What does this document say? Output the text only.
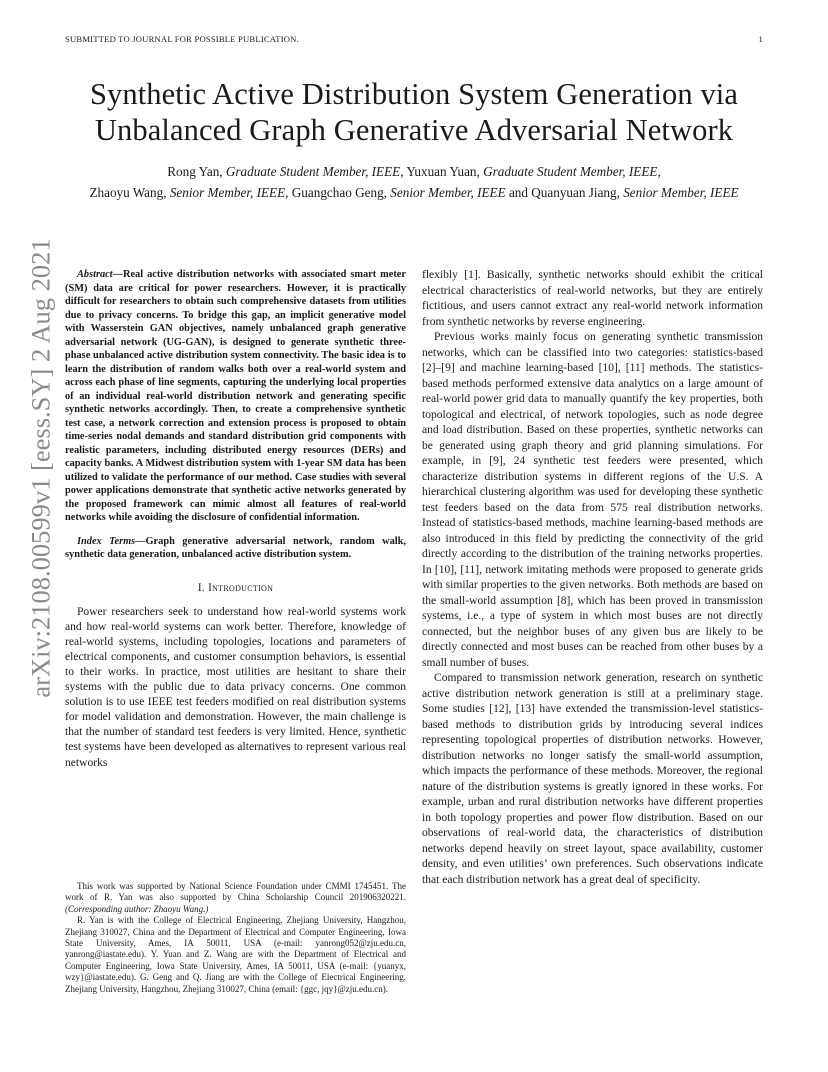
SUBMITTED TO JOURNAL FOR POSSIBLE PUBLICATION.	1
Synthetic Active Distribution System Generation via
Unbalanced Graph Generative Adversarial Network
Rong Yan, Graduate Student Member, IEEE, Yuxuan Yuan, Graduate Student Member, IEEE,
Zhaoyu Wang, Senior Member, IEEE, Guangchao Geng, Senior Member, IEEE and Quanyuan Jiang, Senior Member, IEEE
arXiv:2108.00599v1 [eess.SY] 2 Aug 2021	Abstract—Real active distribution networks with associated smart meter (SM) data are critical for power researchers. However, it is practically difficult for researchers to obtain such comprehensive datasets from utilities due to privacy concerns. To bridge this gap, an implicit generative model with Wasserstein GAN objectives, namely unbalanced graph generative adversarial network (UG-GAN), is designed to generate synthetic three-phase unbalanced active distribution system connectivity. The basic idea is to learn the distribution of random walks both over a real-world system and across each phase of line segments, capturing the underlying local properties of an individual real-world distribution network and generating specific synthetic networks accordingly. Then, to create a comprehensive synthetic test case, a network correction and extension process is proposed to obtain time-series nodal demands and standard distribution grid components with realistic parameters, including distributed energy resources (DERs) and capacity banks. A Midwest distribution system with 1-year SM data has been utilized to validate the performance of our method. Case studies with several power applications demonstrate that synthetic active networks generated by the proposed framework can mimic almost all features of real-world networks while avoiding the disclosure of confidential information.

Index Terms—Graph generative adversarial network, random walk, synthetic data generation, unbalanced active distribution system.

I. Introduction

Power researchers seek to understand how real-world systems work and how real-world systems can work better. Therefore, knowledge of real-world systems, including topologies, locations and parameters of electrical components, and customer consumption behaviors, is essential to their works. In practice, most utilities are hesitant to share their systems with the public due to data privacy concerns. One common solution is to use IEEE test feeders modified on real distribution systems for model validation and demonstration. However, the main challenge is that the number of standard test feeders is very limited. Hence, synthetic test systems have been developed as alternatives to represent various real networks

flexibly [1]. Basically, synthetic networks should exhibit the critical electrical characteristics of real-world networks, but they are entirely fictitious, and users cannot extract any real-world network information from synthetic networks by reverse engineering.

Previous works mainly focus on generating synthetic transmission networks, which can be classified into two categories: statistics-based [2]–[9] and machine learning-based [10], [11] methods. The statistics-based methods performed extensive data analytics on a large amount of real-world power grid data to manually quantify the key properties, both topological and electrical, of network topologies, such as node degree and load distribution. Based on these properties, synthetic networks can be generated using graph theory and grid planning simulations. For example, in [9], 24 synthetic test feeders were presented, which characterize distribution systems in different regions of the U.S. A hierarchical clustering algorithm was used for developing these synthetic test feeders based on the data from 575 real distribution networks. Instead of statistics-based methods, machine learning-based methods are also introduced in this field by predicting the connectivity of the grid directly according to the distribution of the training networks properties. In [10], [11], network imitating methods were proposed to generate grids with similar properties to the given networks. Both methods are based on the small-world assumption [8], which has been proved in transmission systems, i.e., a type of system in which most buses are not directly connected, but the neighbor buses of any given bus are likely to be directly connected and most buses can be reached from other buses by a small number of buses.

Compared to transmission network generation, research on synthetic active distribution network generation is still at a preliminary stage. Some studies [12], [13] have extended the transmission-level statistics-based methods to distribution grids by introducing several indices representing topological properties of distribution networks. However, distribution networks no longer satisfy the small-world assumption, which impacts the performance of these methods. Moreover, the regional nature of the distribution systems is greatly ignored in these works. For example, urban and rural distribution networks have different properties in both topology properties and power flow distribution. Based on our observations of real-world data, the characteristics of distribution networks depend heavily on street layout, space availability, customer density, and even utilities’ own preferences. Such observations indicate that each distribution network has a great deal of specificity.

This work was supported by National Science Foundation under CMMI 1745451. The work of R. Yan was also supported by China Scholarship Council 201906320221. (Corresponding author: Zhaoyu Wang.)

R. Yan is with the College of Electrical Engineering, Zhejiang University, Hangzhou, Zhejiang 310027, China and the Department of Electrical and Computer Engineering, Iowa State University, Ames, IA 50011, USA (e-mail: yanrong052@zju.edu.cn, yanrong@iastate.edu). Y. Yuan and Z. Wang are with the Department of Electrical and Computer Engineering, Iowa State University, Ames, IA 50011, USA (e-mail: {yuanyx, wzy}@iastate.edu). G. Geng and Q. Jiang are with the College of Electrical Engineering, Zhejiang University, Hangzhou, Zhejiang 310027, China (email: {ggc, jqy}@zju.edu.cn).
